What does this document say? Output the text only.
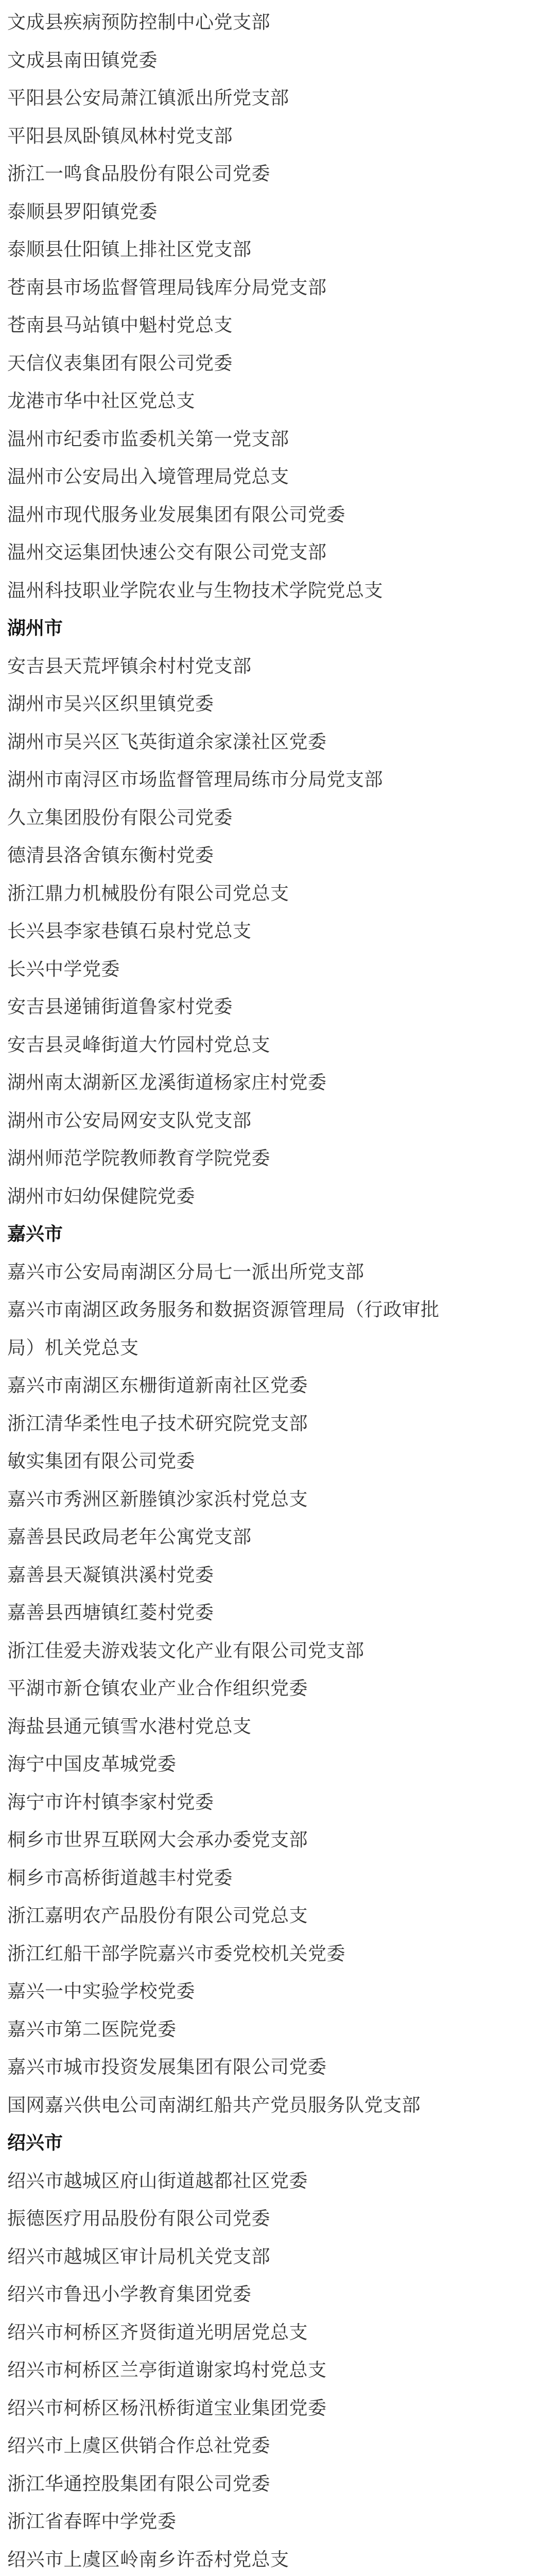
文成县疾病预防控制中心党支部
文成县南田镇党委
平阳县公安局萧江镇派出所党支部
平阳县凤卧镇凤林村党支部
浙江一鸣食品股份有限公司党委
泰顺县罗阳镇党委
泰顺县仕阳镇上排社区党支部
苍南县市场监督管理局钱库分局党支部
苍南县马站镇中魁村党总支
天信仪表集团有限公司党委
龙港市华中社区党总支
温州市纪委市监委机关第一党支部
温州市公安局出入境管理局党总支
温州市现代服务业发展集团有限公司党委
温州交运集团快速公交有限公司党支部
温州科技职业学院农业与生物技术学院党总支
湖州市
安吉县天荒坪镇余村村党支部
湖州市吴兴区织里镇党委
湖州市吴兴区飞英街道余家漾社区党委
湖州市南浔区市场监督管理局练市分局党支部
久立集团股份有限公司党委
德清县洛舍镇东衡村党委
浙江鼎力机械股份有限公司党总支
长兴县李家巷镇石泉村党总支
长兴中学党委
安吉县递铺街道鲁家村党委
安吉县灵峰街道大竹园村党总支
湖州南太湖新区龙溪街道杨家庄村党委
湖州市公安局网安支队党支部
湖州师范学院教师教育学院党委
湖州市妇幼保健院党委
嘉兴市
嘉兴市公安局南湖区分局七一派出所党支部
嘉兴市南湖区政务服务和数据资源管理局（行政审批
局）机关党总支
嘉兴市南湖区东栅街道新南社区党委
浙江清华柔性电子技术研究院党支部
敏实集团有限公司党委
嘉兴市秀洲区新塍镇沙家浜村党总支
嘉善县民政局老年公寓党支部
嘉善县天凝镇洪溪村党委
嘉善县西塘镇红菱村党委
浙江佳爱夫游戏装文化产业有限公司党支部
平湖市新仓镇农业产业合作组织党委
海盐县通元镇雪水港村党总支
海宁中国皮革城党委
海宁市许村镇李家村党委
桐乡市世界互联网大会承办委党支部
桐乡市高桥街道越丰村党委
浙江嘉明农产品股份有限公司党总支
浙江红船干部学院嘉兴市委党校机关党委
嘉兴一中实验学校党委
嘉兴市第二医院党委
嘉兴市城市投资发展集团有限公司党委
国网嘉兴供电公司南湖红船共产党员服务队党支部
绍兴市
绍兴市越城区府山街道越都社区党委
振德医疗用品股份有限公司党委
绍兴市越城区审计局机关党支部
绍兴市鲁迅小学教育集团党委
绍兴市柯桥区齐贤街道光明居党总支
绍兴市柯桥区兰亭街道谢家坞村党总支
绍兴市柯桥区杨汛桥街道宝业集团党委
绍兴市上虞区供销合作总社党委
浙江华通控股集团有限公司党委
浙江省春晖中学党委
绍兴市上虞区岭南乡许岙村党总支
